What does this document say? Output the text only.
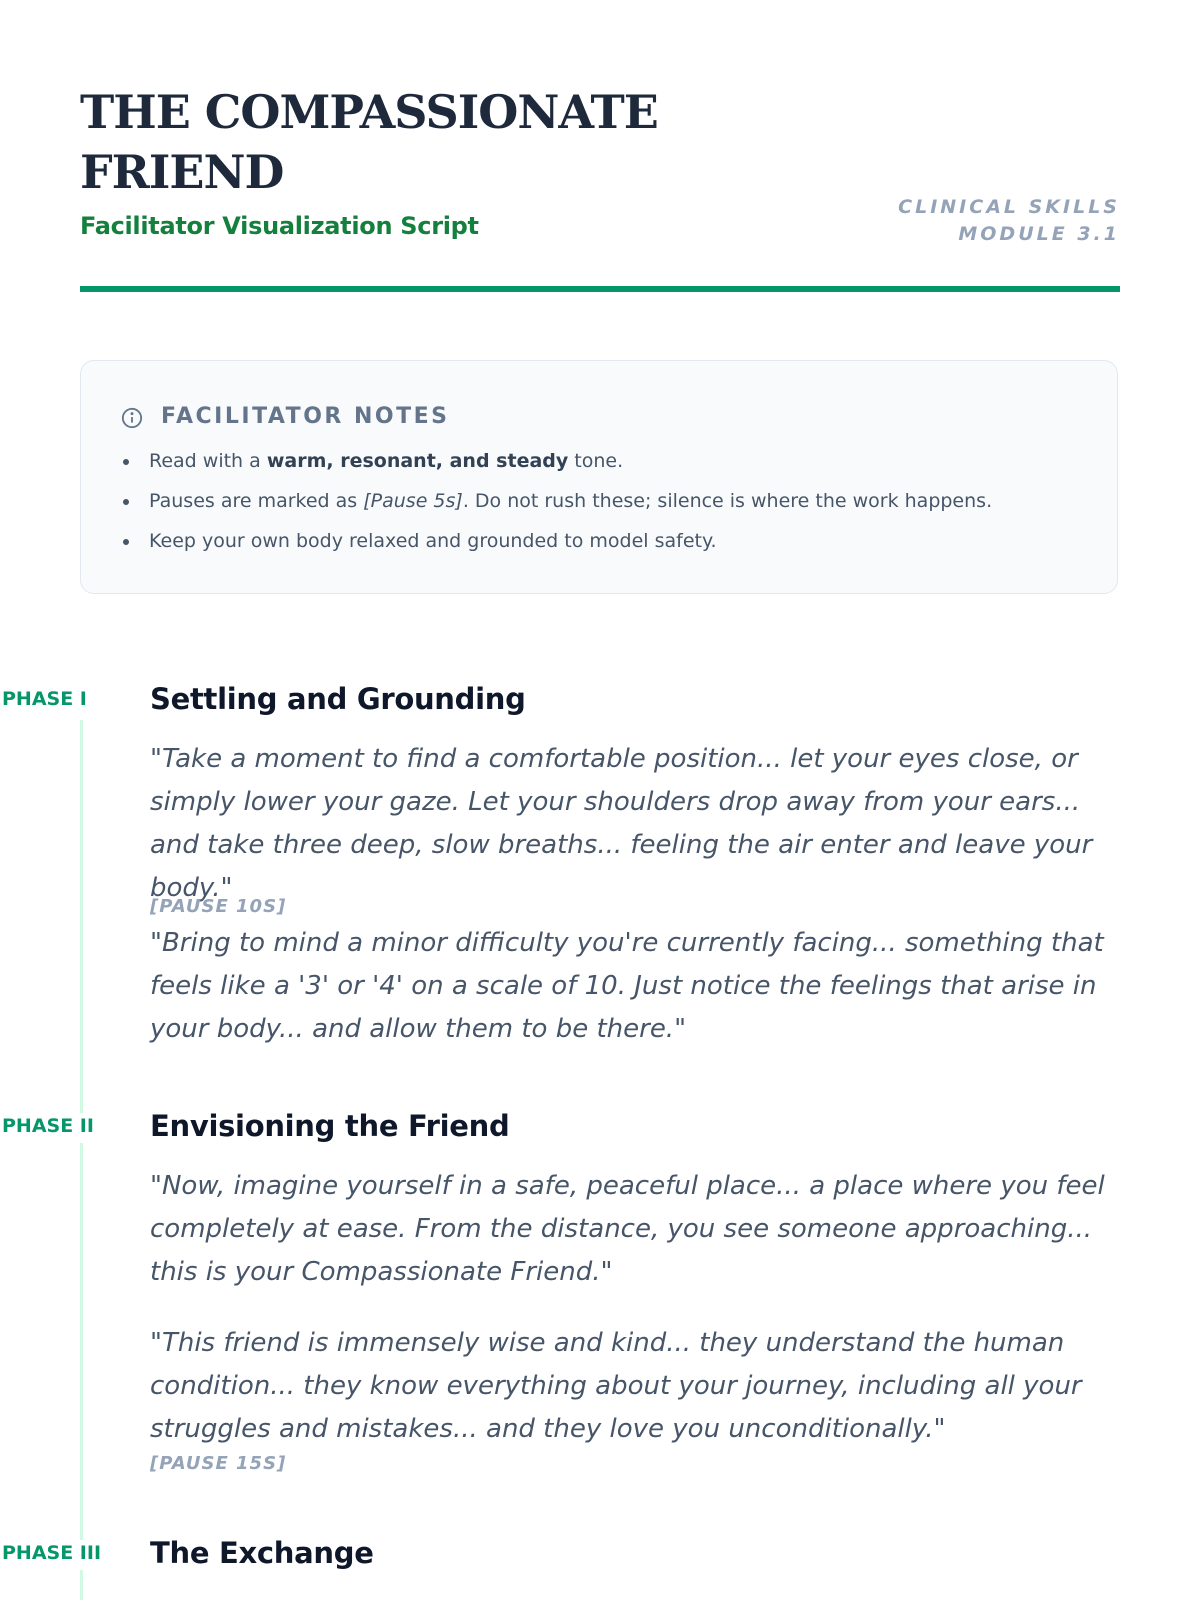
THE COMPASSIONATE FRIEND
Facilitator Visualization Script
CLINICAL SKILLS MODULE 3.1
FACILITATOR NOTES
Read with a warm, resonant, and steady tone.
Pauses are marked as [Pause 5s]. Do not rush these; silence is where the work happens.
Keep your own body relaxed and grounded to model safety.
PHASE I Settling and Grounding

"Take a moment to find a comfortable position... let your eyes close, or simply lower your gaze. Let your shoulders drop away from your ears... and take three deep, slow breaths... feeling the air enter and leave your body."

[PAUSE 10S]

"Bring to mind a minor difficulty you're currently facing... something that feels like a '3' or '4' on a scale of 10. Just notice the feelings that arise in your body... and allow them to be there."

PHASE II Envisioning the Friend

"Now, imagine yourself in a safe, peaceful place... a place where you feel completely at ease. From the distance, you see someone approaching... this is your Compassionate Friend."

"This friend is immensely wise and kind... they understand the human condition... they know everything about your journey, including all your struggles and mistakes... and they love you unconditionally."

[PAUSE 15S]
PHASE III The Exchange
